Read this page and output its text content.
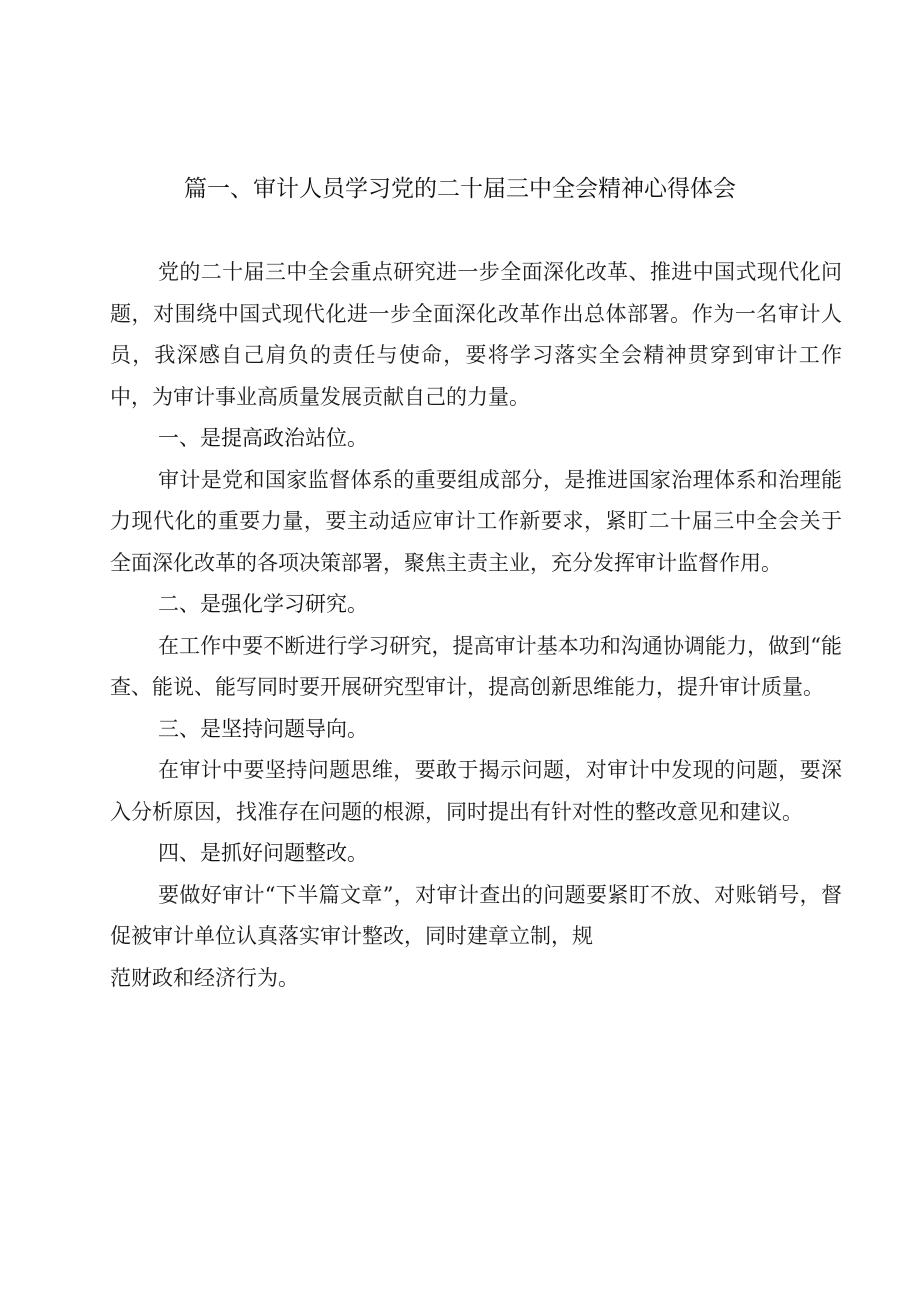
篇一、审计人员学习党的二十届三中全会精神心得体会

党的二十届三中全会重点研究进一步全面深化改革、推进中国式现代化问题，对围绕中国式现代化进一步全面深化改革作出总体部署。作为一名审计人员，我深感自己肩负的责任与使命，要将学习落实全会精神贯穿到审计工作中，为审计事业高质量发展贡献自己的力量。

一、是提高政治站位。

审计是党和国家监督体系的重要组成部分，是推进国家治理体系和治理能力现代化的重要力量，要主动适应审计工作新要求，紧盯二十届三中全会关于全面深化改革的各项决策部署，聚焦主责主业，充分发挥审计监督作用。

二、是强化学习研究。

在工作中要不断进行学习研究，提高审计基本功和沟通协调能力，做到“能查、能说、能写同时要开展研究型审计，提高创新思维能力，提升审计质量。

三、是坚持问题导向。

在审计中要坚持问题思维，要敢于揭示问题，对审计中发现的问题，要深入分析原因，找准存在问题的根源，同时提出有针对性的整改意见和建议。

四、是抓好问题整改。

要做好审计“下半篇文章”，对审计查出的问题要紧盯不放、对账销号，督促被审计单位认真落实审计整改，同时建章立制，规
范财政和经济行为。
